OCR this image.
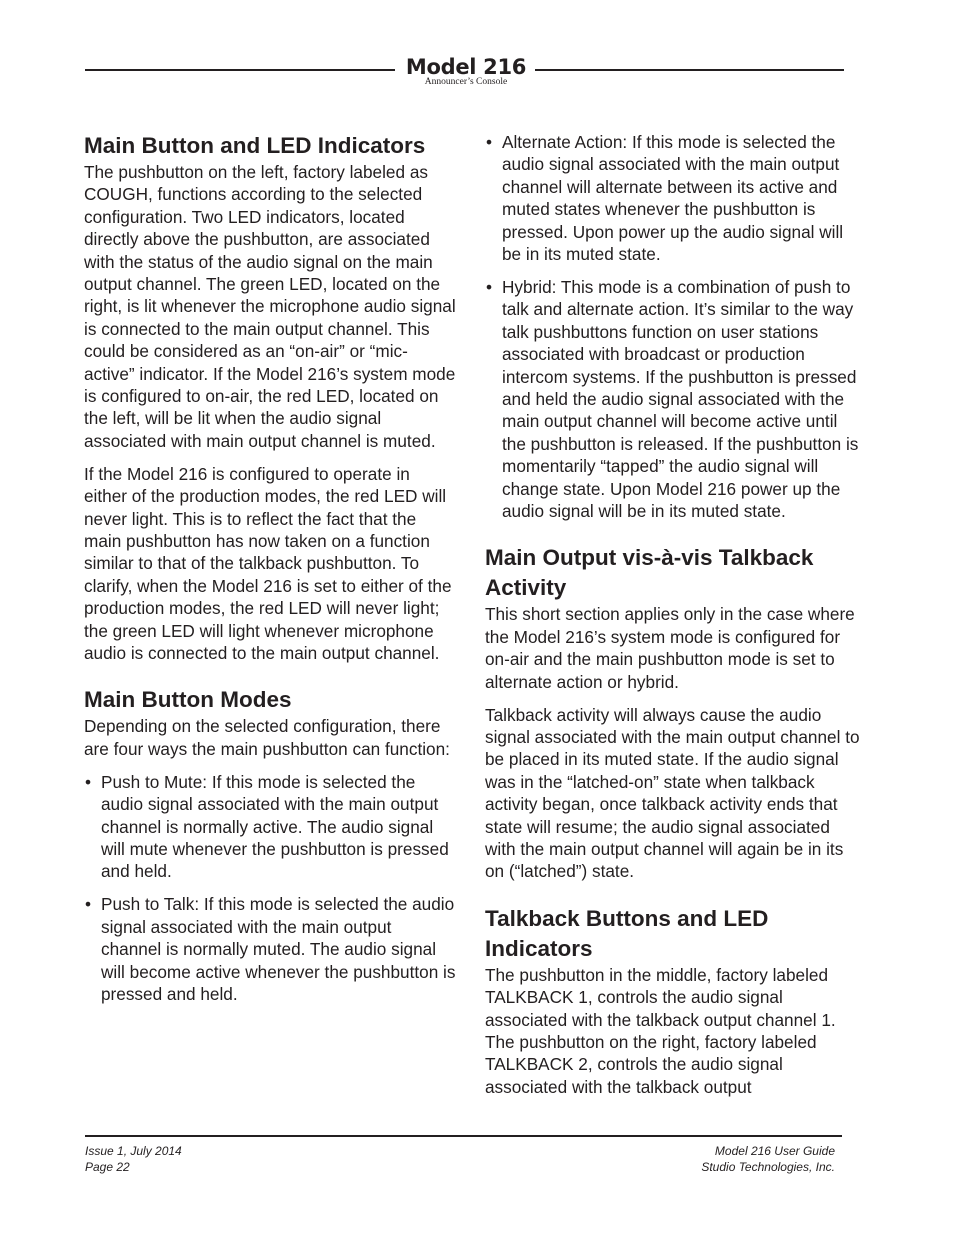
Model 216
Announcer’s Console
Main Button and LED Indicators

The pushbutton on the left, factory labeled as COUGH, functions according to the selected configuration. Two LED indicators, located directly above the pushbutton, are associated with the status of the audio signal on the main output channel. The green LED, located on the right, is lit whenever the microphone audio signal is connected to the main output channel. This could be considered as an “on-air” or “mic-active” indicator. If the Model 216’s system mode is configured to on-air, the red LED, located on the left, will be lit when the audio signal associated with main output channel is muted.

If the Model 216 is configured to operate in either of the production modes, the red LED will never light. This is to reflect the fact that the main pushbutton has now taken on a function similar to that of the talkback pushbutton. To clarify, when the Model 216 is set to either of the production modes, the red LED will never light; the green LED will light whenever microphone audio is connected to the main output channel.

Main Button Modes

Depending on the selected configuration, there are four ways the main pushbutton can function:

• Push to Mute: If this mode is selected the audio signal associated with the main output channel is normally active. The audio signal will mute whenever the pushbutton is pressed and held.
• Push to Talk: If this mode is selected the audio signal associated with the main output channel is normally muted. The audio signal will become active whenever the pushbutton is pressed and held.
• Alternate Action: If this mode is selected the audio signal associated with the main output channel will alternate between its active and muted states whenever the pushbutton is pressed. Upon power up the audio signal will be in its muted state.
• Hybrid: This mode is a combination of push to talk and alternate action. It’s similar to the way talk pushbuttons function on user stations associated with broadcast or production intercom systems. If the pushbutton is pressed and held the audio signal associated with the main output channel will become active until the pushbutton is released. If the pushbutton is momentarily “tapped” the audio signal will change state. Upon Model 216 power up the audio signal will be in its muted state.
Main Output vis-à-vis Talkback Activity

This short section applies only in the case where the Model 216’s system mode is configured for on-air and the main pushbutton mode is set to alternate action or hybrid.

Talkback activity will always cause the audio signal associated with the main output channel to be placed in its muted state. If the audio signal was in the “latched-on” state when talkback activity began, once talkback activity ends that state will resume; the audio signal associated with the main output channel will again be in its on (“latched”) state.

Talkback Buttons and LED Indicators

The pushbutton in the middle, factory labeled TALKBACK 1, controls the audio signal associated with the talkback output channel 1. The pushbutton on the right, factory labeled TALKBACK 2, controls the audio signal associated with the talkback output

Issue 1, July 2014
Page 22
Model 216 User Guide
Studio Technologies, Inc.
